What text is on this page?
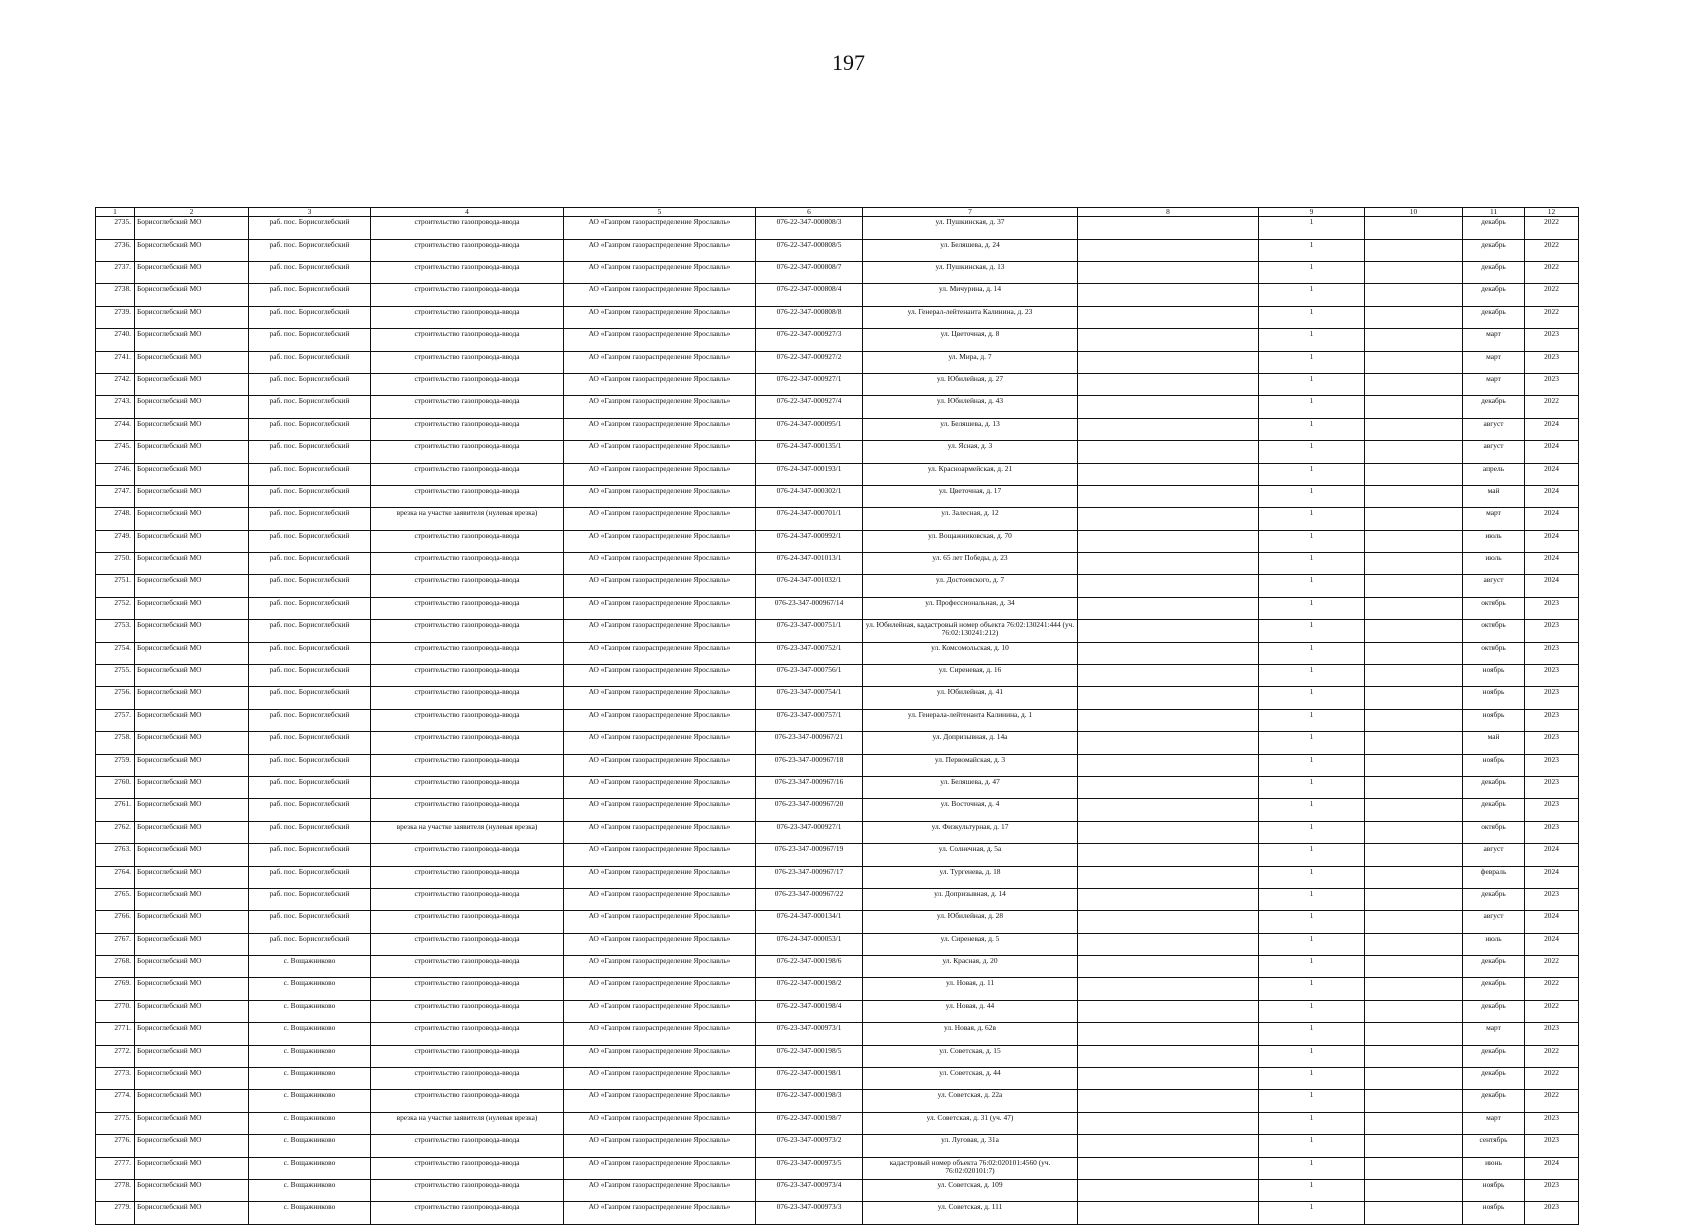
197
1	2	3	4	5	6	7	8	9	10	11	12
2735.	Борисоглебский МО	раб. пос. Борисоглебский	строительство газопровода-ввода	АО «Газпром газораспределение Ярославль»	076-22-347-000808/3	ул. Пушкинская, д. 37		1		декабрь	2022
2736.	Борисоглебский МО	раб. пос. Борисоглебский	строительство газопровода-ввода	АО «Газпром газораспределение Ярославль»	076-22-347-000808/5	ул. Беляшева, д. 24		1		декабрь	2022
2737.	Борисоглебский МО	раб. пос. Борисоглебский	строительство газопровода-ввода	АО «Газпром газораспределение Ярославль»	076-22-347-000808/7	ул. Пушкинская, д. 13		1		декабрь	2022
2738.	Борисоглебский МО	раб. пос. Борисоглебский	строительство газопровода-ввода	АО «Газпром газораспределение Ярославль»	076-22-347-000808/4	ул. Мичурина, д. 14		1		декабрь	2022
2739.	Борисоглебский МО	раб. пос. Борисоглебский	строительство газопровода-ввода	АО «Газпром газораспределение Ярославль»	076-22-347-000808/8	ул. Генерал-лейтенанта Калинина, д. 23		1		декабрь	2022
2740.	Борисоглебский МО	раб. пос. Борисоглебский	строительство газопровода-ввода	АО «Газпром газораспределение Ярославль»	076-22-347-000927/3	ул. Цветочная, д. 8		1		март	2023
2741.	Борисоглебский МО	раб. пос. Борисоглебский	строительство газопровода-ввода	АО «Газпром газораспределение Ярославль»	076-22-347-000927/2	ул. Мира, д. 7		1		март	2023
2742.	Борисоглебский МО	раб. пос. Борисоглебский	строительство газопровода-ввода	АО «Газпром газораспределение Ярославль»	076-22-347-000927/1	ул. Юбилейная, д. 27		1		март	2023
2743.	Борисоглебский МО	раб. пос. Борисоглебский	строительство газопровода-ввода	АО «Газпром газораспределение Ярославль»	076-22-347-000927/4	ул. Юбилейная, д. 43		1		декабрь	2022
2744.	Борисоглебский МО	раб. пос. Борисоглебский	строительство газопровода-ввода	АО «Газпром газораспределение Ярославль»	076-24-347-000095/1	ул. Беляшева, д. 13		1		август	2024
2745.	Борисоглебский МО	раб. пос. Борисоглебский	строительство газопровода-ввода	АО «Газпром газораспределение Ярославль»	076-24-347-000135/1	ул. Ясная, д. 3		1		август	2024
2746.	Борисоглебский МО	раб. пос. Борисоглебский	строительство газопровода-ввода	АО «Газпром газораспределение Ярославль»	076-24-347-000193/1	ул. Красноармейская, д. 21		1		апрель	2024
2747.	Борисоглебский МО	раб. пос. Борисоглебский	строительство газопровода-ввода	АО «Газпром газораспределение Ярославль»	076-24-347-000302/1	ул. Цветочная, д. 17		1		май	2024
2748.	Борисоглебский МО	раб. пос. Борисоглебский	врезка на участке заявителя (нулевая врезка)	АО «Газпром газораспределение Ярославль»	076-24-347-000701/1	ул. Залесная, д. 12		1		март	2024
2749.	Борисоглебский МО	раб. пос. Борисоглебский	строительство газопровода-ввода	АО «Газпром газораспределение Ярославль»	076-24-347-000992/1	ул. Вощажниковская, д. 70		1		июль	2024
2750.	Борисоглебский МО	раб. пос. Борисоглебский	строительство газопровода-ввода	АО «Газпром газораспределение Ярославль»	076-24-347-001013/1	ул. 65 лет Победы, д. 23		1		июль	2024
2751.	Борисоглебский МО	раб. пос. Борисоглебский	строительство газопровода-ввода	АО «Газпром газораспределение Ярославль»	076-24-347-001032/1	ул. Достоевского, д. 7		1		август	2024
2752.	Борисоглебский МО	раб. пос. Борисоглебский	строительство газопровода-ввода	АО «Газпром газораспределение Ярославль»	076-23-347-000967/14	ул. Профессиональная, д. 34		1		октябрь	2023
2753.	Борисоглебский МО	раб. пос. Борисоглебский	строительство газопровода-ввода	АО «Газпром газораспределение Ярославль»	076-23-347-000751/1	ул. Юбилейная, кадастровый номер объекта 76:02:130241:444 (уч. 76:02:130241:212)		1		октябрь	2023
2754.	Борисоглебский МО	раб. пос. Борисоглебский	строительство газопровода-ввода	АО «Газпром газораспределение Ярославль»	076-23-347-000752/1	ул. Комсомольская, д. 10		1		октябрь	2023
2755.	Борисоглебский МО	раб. пос. Борисоглебский	строительство газопровода-ввода	АО «Газпром газораспределение Ярославль»	076-23-347-000756/1	ул. Сиреневая, д. 16		1		ноябрь	2023
2756.	Борисоглебский МО	раб. пос. Борисоглебский	строительство газопровода-ввода	АО «Газпром газораспределение Ярославль»	076-23-347-000754/1	ул. Юбилейная, д. 41		1		ноябрь	2023
2757.	Борисоглебский МО	раб. пос. Борисоглебский	строительство газопровода-ввода	АО «Газпром газораспределение Ярославль»	076-23-347-000757/1	ул. Генерала-лейтенанта Калинина, д. 1		1		ноябрь	2023
2758.	Борисоглебский МО	раб. пос. Борисоглебский	строительство газопровода-ввода	АО «Газпром газораспределение Ярославль»	076-23-347-000967/21	ул. Допризывная, д. 14а		1		май	2023
2759.	Борисоглебский МО	раб. пос. Борисоглебский	строительство газопровода-ввода	АО «Газпром газораспределение Ярославль»	076-23-347-000967/18	ул. Первомайская, д. 3		1		ноябрь	2023
2760.	Борисоглебский МО	раб. пос. Борисоглебский	строительство газопровода-ввода	АО «Газпром газораспределение Ярославль»	076-23-347-000967/16	ул. Беляшева, д. 47		1		декабрь	2023
2761.	Борисоглебский МО	раб. пос. Борисоглебский	строительство газопровода-ввода	АО «Газпром газораспределение Ярославль»	076-23-347-000967/20	ул. Восточная, д. 4		1		декабрь	2023
2762.	Борисоглебский МО	раб. пос. Борисоглебский	врезка на участке заявителя (нулевая врезка)	АО «Газпром газораспределение Ярославль»	076-23-347-000927/1	ул. Физкультурная, д. 17		1		октябрь	2023
2763.	Борисоглебский МО	раб. пос. Борисоглебский	строительство газопровода-ввода	АО «Газпром газораспределение Ярославль»	076-23-347-000967/19	ул. Солнечная, д. 5а		1		август	2024
2764.	Борисоглебский МО	раб. пос. Борисоглебский	строительство газопровода-ввода	АО «Газпром газораспределение Ярославль»	076-23-347-000967/17	ул. Тургенева, д. 18		1		февраль	2024
2765.	Борисоглебский МО	раб. пос. Борисоглебский	строительство газопровода-ввода	АО «Газпром газораспределение Ярославль»	076-23-347-000967/22	ул. Допризывная, д. 14		1		декабрь	2023
2766.	Борисоглебский МО	раб. пос. Борисоглебский	строительство газопровода-ввода	АО «Газпром газораспределение Ярославль»	076-24-347-000134/1	ул. Юбилейная, д. 28		1		август	2024
2767.	Борисоглебский МО	раб. пос. Борисоглебский	строительство газопровода-ввода	АО «Газпром газораспределение Ярославль»	076-24-347-000053/1	ул. Сиреневая, д. 5		1		июль	2024
2768.	Борисоглебский МО	с. Вощажниково	строительство газопровода-ввода	АО «Газпром газораспределение Ярославль»	076-22-347-000198/6	ул. Красная, д. 20		1		декабрь	2022
2769.	Борисоглебский МО	с. Вощажниково	строительство газопровода-ввода	АО «Газпром газораспределение Ярославль»	076-22-347-000198/2	ул. Новая, д. 11		1		декабрь	2022
2770.	Борисоглебский МО	с. Вощажниково	строительство газопровода-ввода	АО «Газпром газораспределение Ярославль»	076-22-347-000198/4	ул. Новая, д. 44		1		декабрь	2022
2771.	Борисоглебский МО	с. Вощажниково	строительство газопровода-ввода	АО «Газпром газораспределение Ярославль»	076-23-347-000973/1	ул. Новая, д. 62в		1		март	2023
2772.	Борисоглебский МО	с. Вощажниково	строительство газопровода-ввода	АО «Газпром газораспределение Ярославль»	076-22-347-000198/5	ул. Советская, д. 15		1		декабрь	2022
2773.	Борисоглебский МО	с. Вощажниково	строительство газопровода-ввода	АО «Газпром газораспределение Ярославль»	076-22-347-000198/1	ул. Советская, д. 44		1		декабрь	2022
2774.	Борисоглебский МО	с. Вощажниково	строительство газопровода-ввода	АО «Газпром газораспределение Ярославль»	076-22-347-000198/3	ул. Советская, д. 22а		1		декабрь	2022
2775.	Борисоглебский МО	с. Вощажниково	врезка на участке заявителя (нулевая врезка)	АО «Газпром газораспределение Ярославль»	076-22-347-000198/7	ул. Советская, д. 31 (уч. 47)		1		март	2023
2776.	Борисоглебский МО	с. Вощажниково	строительство газопровода-ввода	АО «Газпром газораспределение Ярославль»	076-23-347-000973/2	ул. Луговая, д. 31а		1		сентябрь	2023
2777.	Борисоглебский МО	с. Вощажниково	строительство газопровода-ввода	АО «Газпром газораспределение Ярославль»	076-23-347-000973/5	кадастровый номер объекта 76:02:020101:4560 (уч. 76:02:020101:7)		1		июнь	2024
2778.	Борисоглебский МО	с. Вощажниково	строительство газопровода-ввода	АО «Газпром газораспределение Ярославль»	076-23-347-000973/4	ул. Советская, д. 109		1		ноябрь	2023
2779.	Борисоглебский МО	с. Вощажниково	строительство газопровода-ввода	АО «Газпром газораспределение Ярославль»	076-23-347-000973/3	ул. Советская, д. 111		1		ноябрь	2023
